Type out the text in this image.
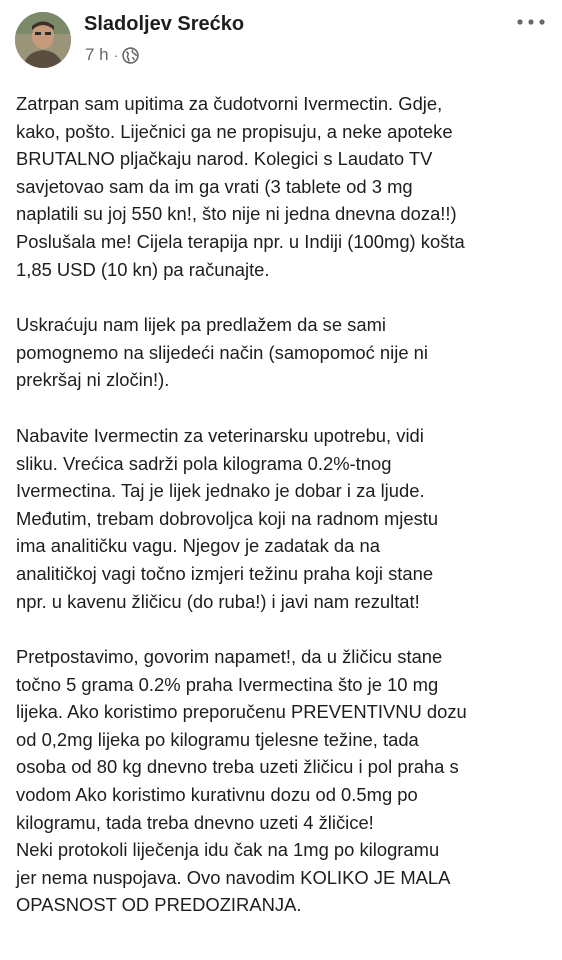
Sladoljev Srećko
7 h ·

Zatrpan sam upitima za čudotvorni Ivermectin. Gdje,
kako, pošto. Liječnici ga ne propisuju, a neke apoteke
BRUTALNO pljačkaju narod. Kolegici s Laudato TV
savjetovao sam da im ga vrati (3 tablete od 3 mg
naplatili su joj 550 kn!, što nije ni jedna dnevna doza!!)
Poslušala me! Cijela terapija npr. u Indiji (100mg) košta
1,85 USD (10 kn) pa računajte.

Uskraćuju nam lijek pa predlažem da se sami
pomognemo na slijedeći način (samopomoć nije ni
prekršaj ni zločin!).

Nabavite Ivermectin za veterinarsku upotrebu, vidi
sliku. Vrećica sadrži pola kilograma 0.2%-tnog
Ivermectina. Taj je lijek jednako je dobar i za ljude.
Međutim, trebam dobrovoljca koji na radnom mjestu
ima analitičku vagu. Njegov je zadatak da na
analitičkoj vagi točno izmjeri težinu praha koji stane
npr. u kavenu žličicu (do ruba!) i javi nam rezultat!

Pretpostavimo, govorim napamet!, da u žličicu stane
točno 5 grama 0.2% praha Ivermectina što je 10 mg
lijeka. Ako koristimo preporučenu PREVENTIVNU dozu
od 0,2mg lijeka po kilogramu tjelesne težine, tada
osoba od 80 kg dnevno treba uzeti žličicu i pol praha s
vodom Ako koristimo kurativnu dozu od 0.5mg po
kilogramu, tada treba dnevno uzeti 4 žličice!
Neki protokoli liječenja idu čak na 1mg po kilogramu
jer nema nuspojava. Ovo navodim KOLIKO JE MALA
OPASNOST OD PREDOZIRANJA.
